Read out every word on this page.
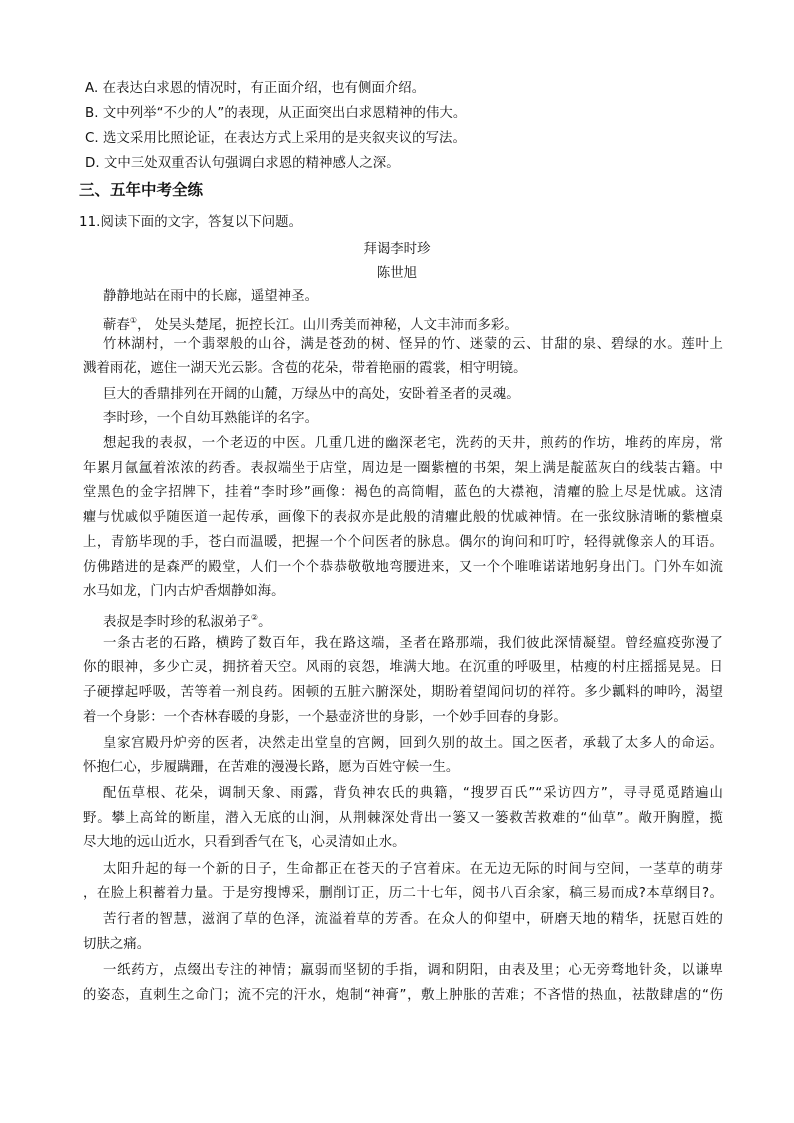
A. 在表达白求恩的情况时，有正面介绍，也有侧面介绍。
B. 文中列举“不少的人”的表现，从正面突出白求恩精神的伟大。
C. 选文采用比照论证，在表达方式上采用的是夹叙夹议的写法。
D. 文中三处双重否认句强调白求恩的精神感人之深。
三、五年中考全练
11.阅读下面的文字，答复以下问题。
拜谒李时珍
陈世旭
静静地站在雨中的长廊，遥望神圣。
蕲春①， 处吴头楚尾，扼控长江。山川秀美而神秘，人文丰沛而多彩。
竹林湖村，一个翡翠般的山谷，满是苍劲的树、怪异的竹、迷蒙的云、甘甜的泉、碧绿的水。莲叶上
溅着雨花，遮住一湖天光云影。含苞的花朵，带着艳丽的霞裳，相守明镜。
巨大的香鼎排列在开阔的山麓，万绿丛中的高处，安卧着圣者的灵魂。
李时珍，一个自幼耳熟能详的名字。
想起我的表叔，一个老迈的中医。几重几进的幽深老宅，洗药的天井，煎药的作坊，堆药的库房，常
年累月氤氲着浓浓的药香。表叔端坐于店堂，周边是一圈紫檀的书架，架上满是靛蓝灰白的线装古籍。中
堂黑色的金字招牌下，挂着“李时珍”画像：褐色的高筒帽，蓝色的大襟袍，清癯的脸上尽是忧戚。这清
癯与忧戚似乎随医道一起传承，画像下的表叔亦是此般的清癯此般的忧戚神情。在一张纹脉清晰的紫檀桌
上，青筋毕现的手，苍白而温暖，把握一个个问医者的脉息。偶尔的询问和叮咛，轻得就像亲人的耳语。
仿佛踏进的是森严的殿堂，人们一个个恭恭敬敬地弯腰进来，又一个个唯唯诺诺地躬身出门。门外车如流
水马如龙，门内古炉香烟静如海。
表叔是李时珍的私淑弟子②。
一条古老的石路，横跨了数百年，我在路这端，圣者在路那端，我们彼此深情凝望。曾经瘟疫弥漫了
你的眼神，多少亡灵，拥挤着天空。风雨的哀怨，堆满大地。在沉重的呼吸里，枯瘦的村庄摇摇晃晃。日
子硬撑起呼吸，苦等着一剂良药。困顿的五脏六腑深处，期盼着望闻问切的祥符。多少瓤料的呻吟，渴望
着一个身影：一个杏林春暖的身影，一个悬壶济世的身影，一个妙手回春的身影。
皇家宫殿丹炉旁的医者，决然走出堂皇的宫阙，回到久别的故土。国之医者，承载了太多人的命运。
怀抱仁心，步履蹒跚，在苦难的漫漫长路，愿为百姓守候一生。
配伍草根、花朵，调制天象、雨露，背负神农氏的典籍，“搜罗百氏”“采访四方”，寻寻觅觅踏遍山
野。攀上高耸的断崖，潜入无底的山涧，从荆棘深处背出一篓又一篓救苦救难的“仙草”。敞开胸膛，揽
尽大地的远山近水，只看到香气在飞，心灵清如止水。
太阳升起的每一个新的日子，生命都正在苍天的子宫着床。在无边无际的时间与空间，一茎草的萌芽
，在脸上积蓄着力量。于是穷搜博采，删削订正，历二十七年，阅书八百余家，稿三易而成?本草纲目?。
苦行者的智慧，滋润了草的色泽，流溢着草的芳香。在众人的仰望中，研磨天地的精华，抚慰百姓的
切肤之痛。
一纸药方，点缀出专注的神情；羸弱而坚韧的手指，调和阴阳，由表及里；心无旁骛地针灸，以谦卑
的姿态，直刺生之命门；流不完的汗水，炮制“神膏”，敷上肿胀的苦难；不吝惜的热血，祛散肆虐的“伤
